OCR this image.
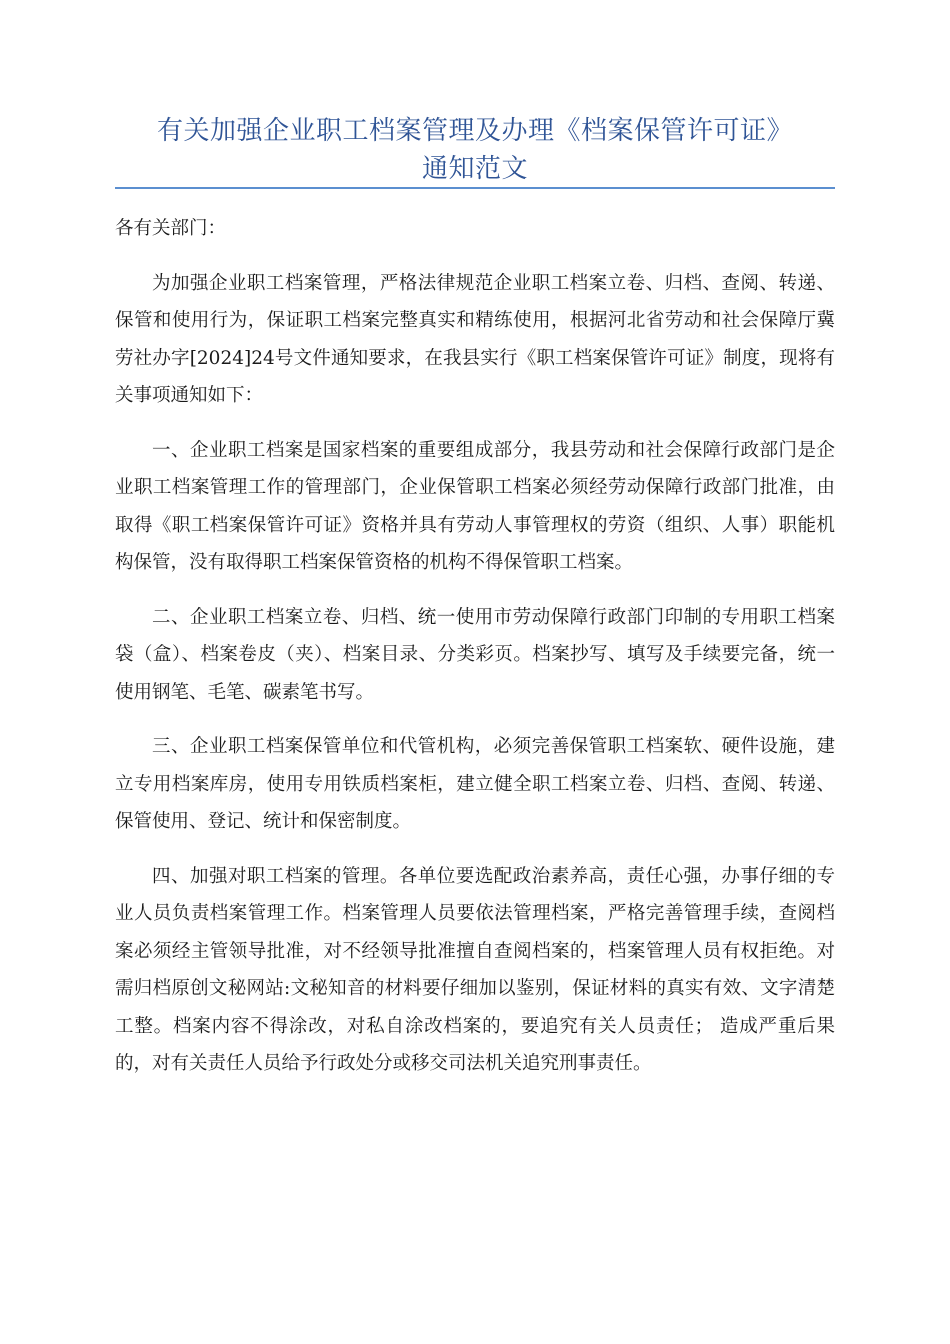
有关加强企业职工档案管理及办理《档案保管许可证》
通知范文

各有关部门：

为加强企业职工档案管理，严格法律规范企业职工档案立卷、归档、查阅、转递、保管和使用行为，保证职工档案完整真实和精练使用，根据河北省劳动和社会保障厅冀劳社办字[2024]24号文件通知要求，在我县实行《职工档案保管许可证》制度，现将有关事项通知如下：

一、企业职工档案是国家档案的重要组成部分，我县劳动和社会保障行政部门是企业职工档案管理工作的管理部门，企业保管职工档案必须经劳动保障行政部门批准，由取得《职工档案保管许可证》资格并具有劳动人事管理权的劳资（组织、人事）职能机构保管，没有取得职工档案保管资格的机构不得保管职工档案。

二、企业职工档案立卷、归档、统一使用市劳动保障行政部门印制的专用职工档案袋（盒）、档案卷皮（夹）、档案目录、分类彩页。档案抄写、填写及手续要完备，统一使用钢笔、毛笔、碳素笔书写。

三、企业职工档案保管单位和代管机构，必须完善保管职工档案软、硬件设施，建立专用档案库房，使用专用铁质档案柜，建立健全职工档案立卷、归档、查阅、转递、保管使用、登记、统计和保密制度。

四、加强对职工档案的管理。各单位要选配政治素养高，责任心强，办事仔细的专业人员负责档案管理工作。档案管理人员要依法管理档案，严格完善管理手续，查阅档案必须经主管领导批准，对不经领导批准擅自查阅档案的，档案管理人员有权拒绝。对需归档原创文秘网站:文秘知音的材料要仔细加以鉴别，保证材料的真实有效、文字清楚工整。档案内容不得涂改，对私自涂改档案的，要追究有关人员责任； 造成严重后果的，对有关责任人员给予行政处分或移交司法机关追究刑事责任。
